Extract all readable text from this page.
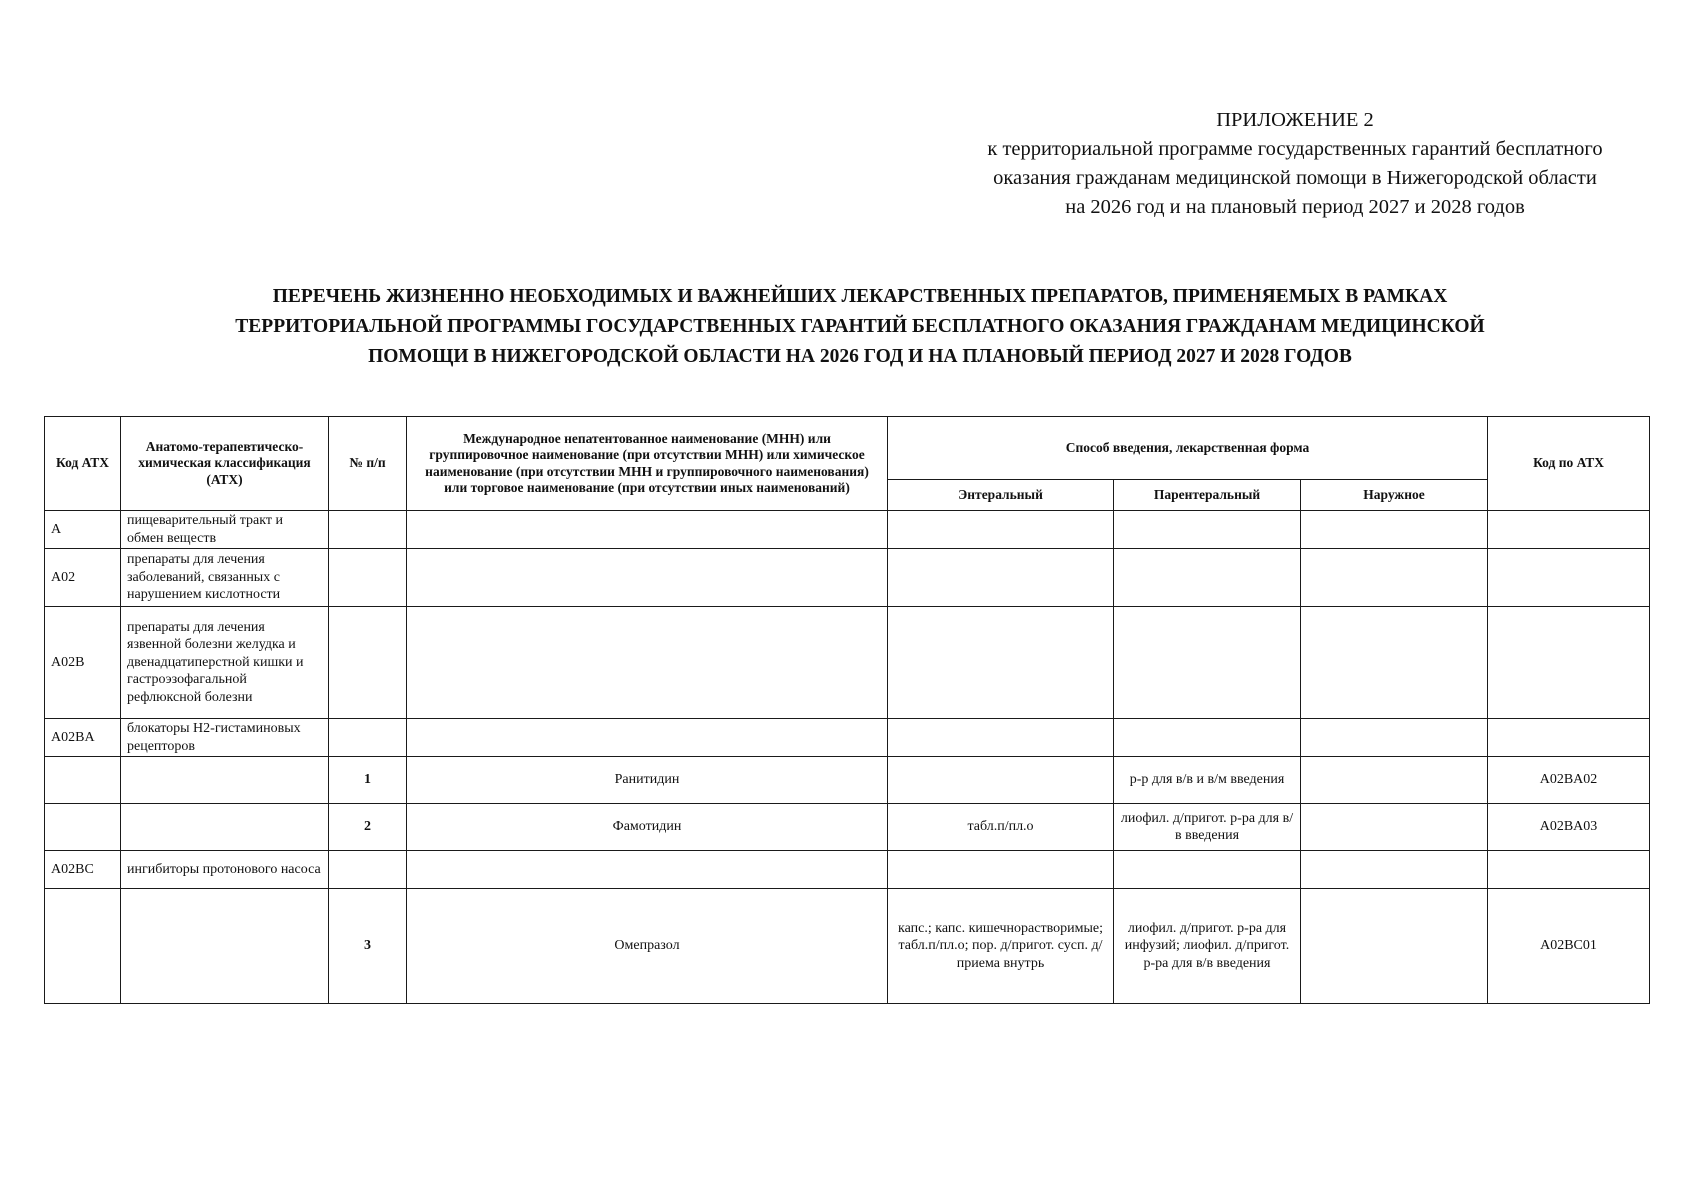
ПРИЛОЖЕНИЕ 2
к территориальной программе государственных гарантий бесплатного
оказания гражданам медицинской помощи в Нижегородской области
на 2026 год и на плановый период 2027 и 2028 годов
ПЕРЕЧЕНЬ ЖИЗНЕННО НЕОБХОДИМЫХ И ВАЖНЕЙШИХ ЛЕКАРСТВЕННЫХ ПРЕПАРАТОВ, ПРИМЕНЯЕМЫХ В РАМКАХ
ТЕРРИТОРИАЛЬНОЙ ПРОГРАММЫ ГОСУДАРСТВЕННЫХ ГАРАНТИЙ БЕСПЛАТНОГО ОКАЗАНИЯ ГРАЖДАНАМ МЕДИЦИНСКОЙ
ПОМОЩИ В НИЖЕГОРОДСКОЙ ОБЛАСТИ НА 2026 ГОД И НА ПЛАНОВЫЙ ПЕРИОД 2027 И 2028 ГОДОВ
Код АТХ	Анатомо-терапевтическо-химическая классификация (АТХ)	№ п/п	Международное непатентованное наименование (МНН) или группировочное наименование (при отсутствии МНН) или химическое наименование (при отсутствии МНН и группировочного наименования) или торговое наименование (при отсутствии иных наименований)	Способ введения, лекарственная форма			Код по АТХ
				Энтеральный	Парентеральный	Наружное	
A	пищеварительный тракт и обмен веществ						
A02	препараты для лечения заболеваний, связанных с нарушением кислотности						
A02B	препараты для лечения язвенной болезни желудка и двенадцатиперстной кишки и гастроэзофагальной рефлюксной болезни						
A02BA	блокаторы H2-гистаминовых рецепторов						
		1	Ранитидин		р-р для в/в и в/м введения		A02BA02
		2	Фамотидин	табл.п/пл.о	лиофил. д/пригот. р-ра для в/в введения		A02BA03
A02BC	ингибиторы протонового насоса						
		3	Омепразол	капс.; капс. кишечнорастворимые; табл.п/пл.о; пор. д/пригот. сусп. д/приема внутрь	лиофил. д/пригот. р-ра для инфузий; лиофил. д/пригот. р-ра для в/в введения		A02BC01
